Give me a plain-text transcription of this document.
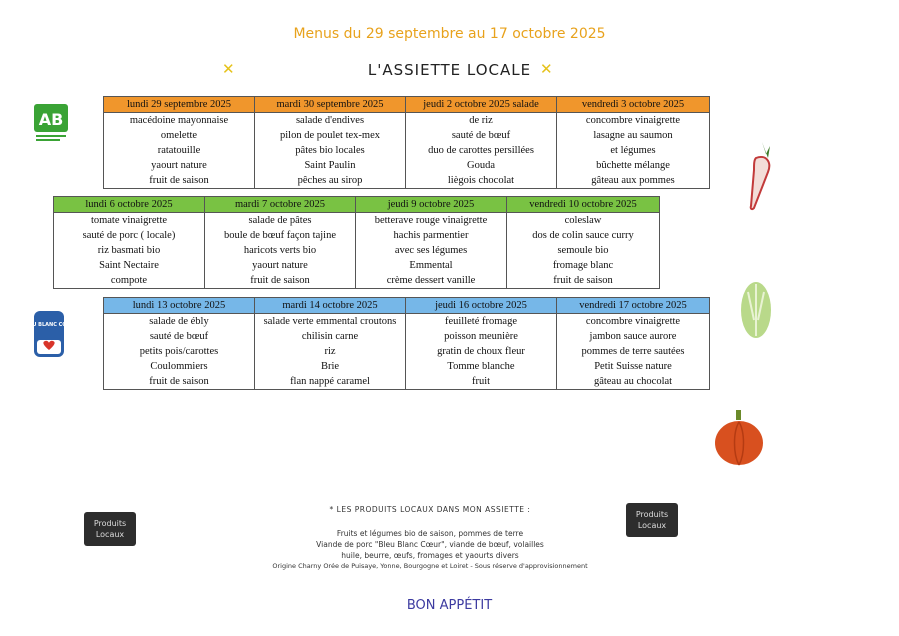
Menus du 29 septembre au 17 octobre 2025
✕	L'ASSIETTE LOCALE ✕
AB
lundi 29 septembre 2025	mardi 30 septembre 2025	jeudi 2 octobre 2025 salade	vendredi 3 octobre 2025
macédoine mayonnaise	salade d'endives	de riz	concombre vinaigrette
omelette	pilon de poulet tex-mex	sauté de bœuf	lasagne au saumon
ratatouille	pâtes bio locales	duo de carottes persillées	et légumes
yaourt nature	Saint Paulin	Gouda	bûchette mélange
fruit de saison	pêches au sirop	liègois chocolat	gâteau aux pommes
lundi 6 octobre 2025	mardi 7 octobre 2025	jeudi 9 octobre 2025	vendredi 10 octobre 2025
tomate vinaigrette	salade de pâtes	betterave rouge vinaigrette	coleslaw
sauté de porc ( locale)	boule de bœuf façon tajine	hachis parmentier	dos de colin sauce curry
riz basmati bio	haricots verts bio	avec ses légumes	semoule bio
Saint Nectaire	yaourt nature	Emmental	fromage blanc
compote	fruit de saison	crème dessert vanille	fruit de saison
BLEU BLANC CŒUR
lundi 13 octobre 2025	mardi 14 octobre 2025	jeudi 16 octobre 2025	vendredi 17 octobre 2025
salade de ébly	salade verte emmental croutons	feuilleté fromage	concombre vinaigrette
sauté de bœuf	chilisin carne	poisson meunière	jambon sauce aurore
petits pois/carottes	riz	gratin de choux fleur	pommes de terre sautées
Coulommiers	Brie	Tomme blanche	Petit Suisse nature
fruit de saison	flan nappé caramel	fruit	gâteau au chocolat
Produits Locaux
Produits Locaux
* LES PRODUITS LOCAUX DANS MON ASSIETTE :
Fruits et légumes bio de saison, pommes de terre
Viande de porc "Bleu Blanc Cœur", viande de bœuf, volailles
huile, beurre, œufs, fromages et yaourts divers
Origine Charny Orée de Puisaye, Yonne, Bourgogne et Loiret - Sous réserve d'approvisionnement
BON APPÉTIT
